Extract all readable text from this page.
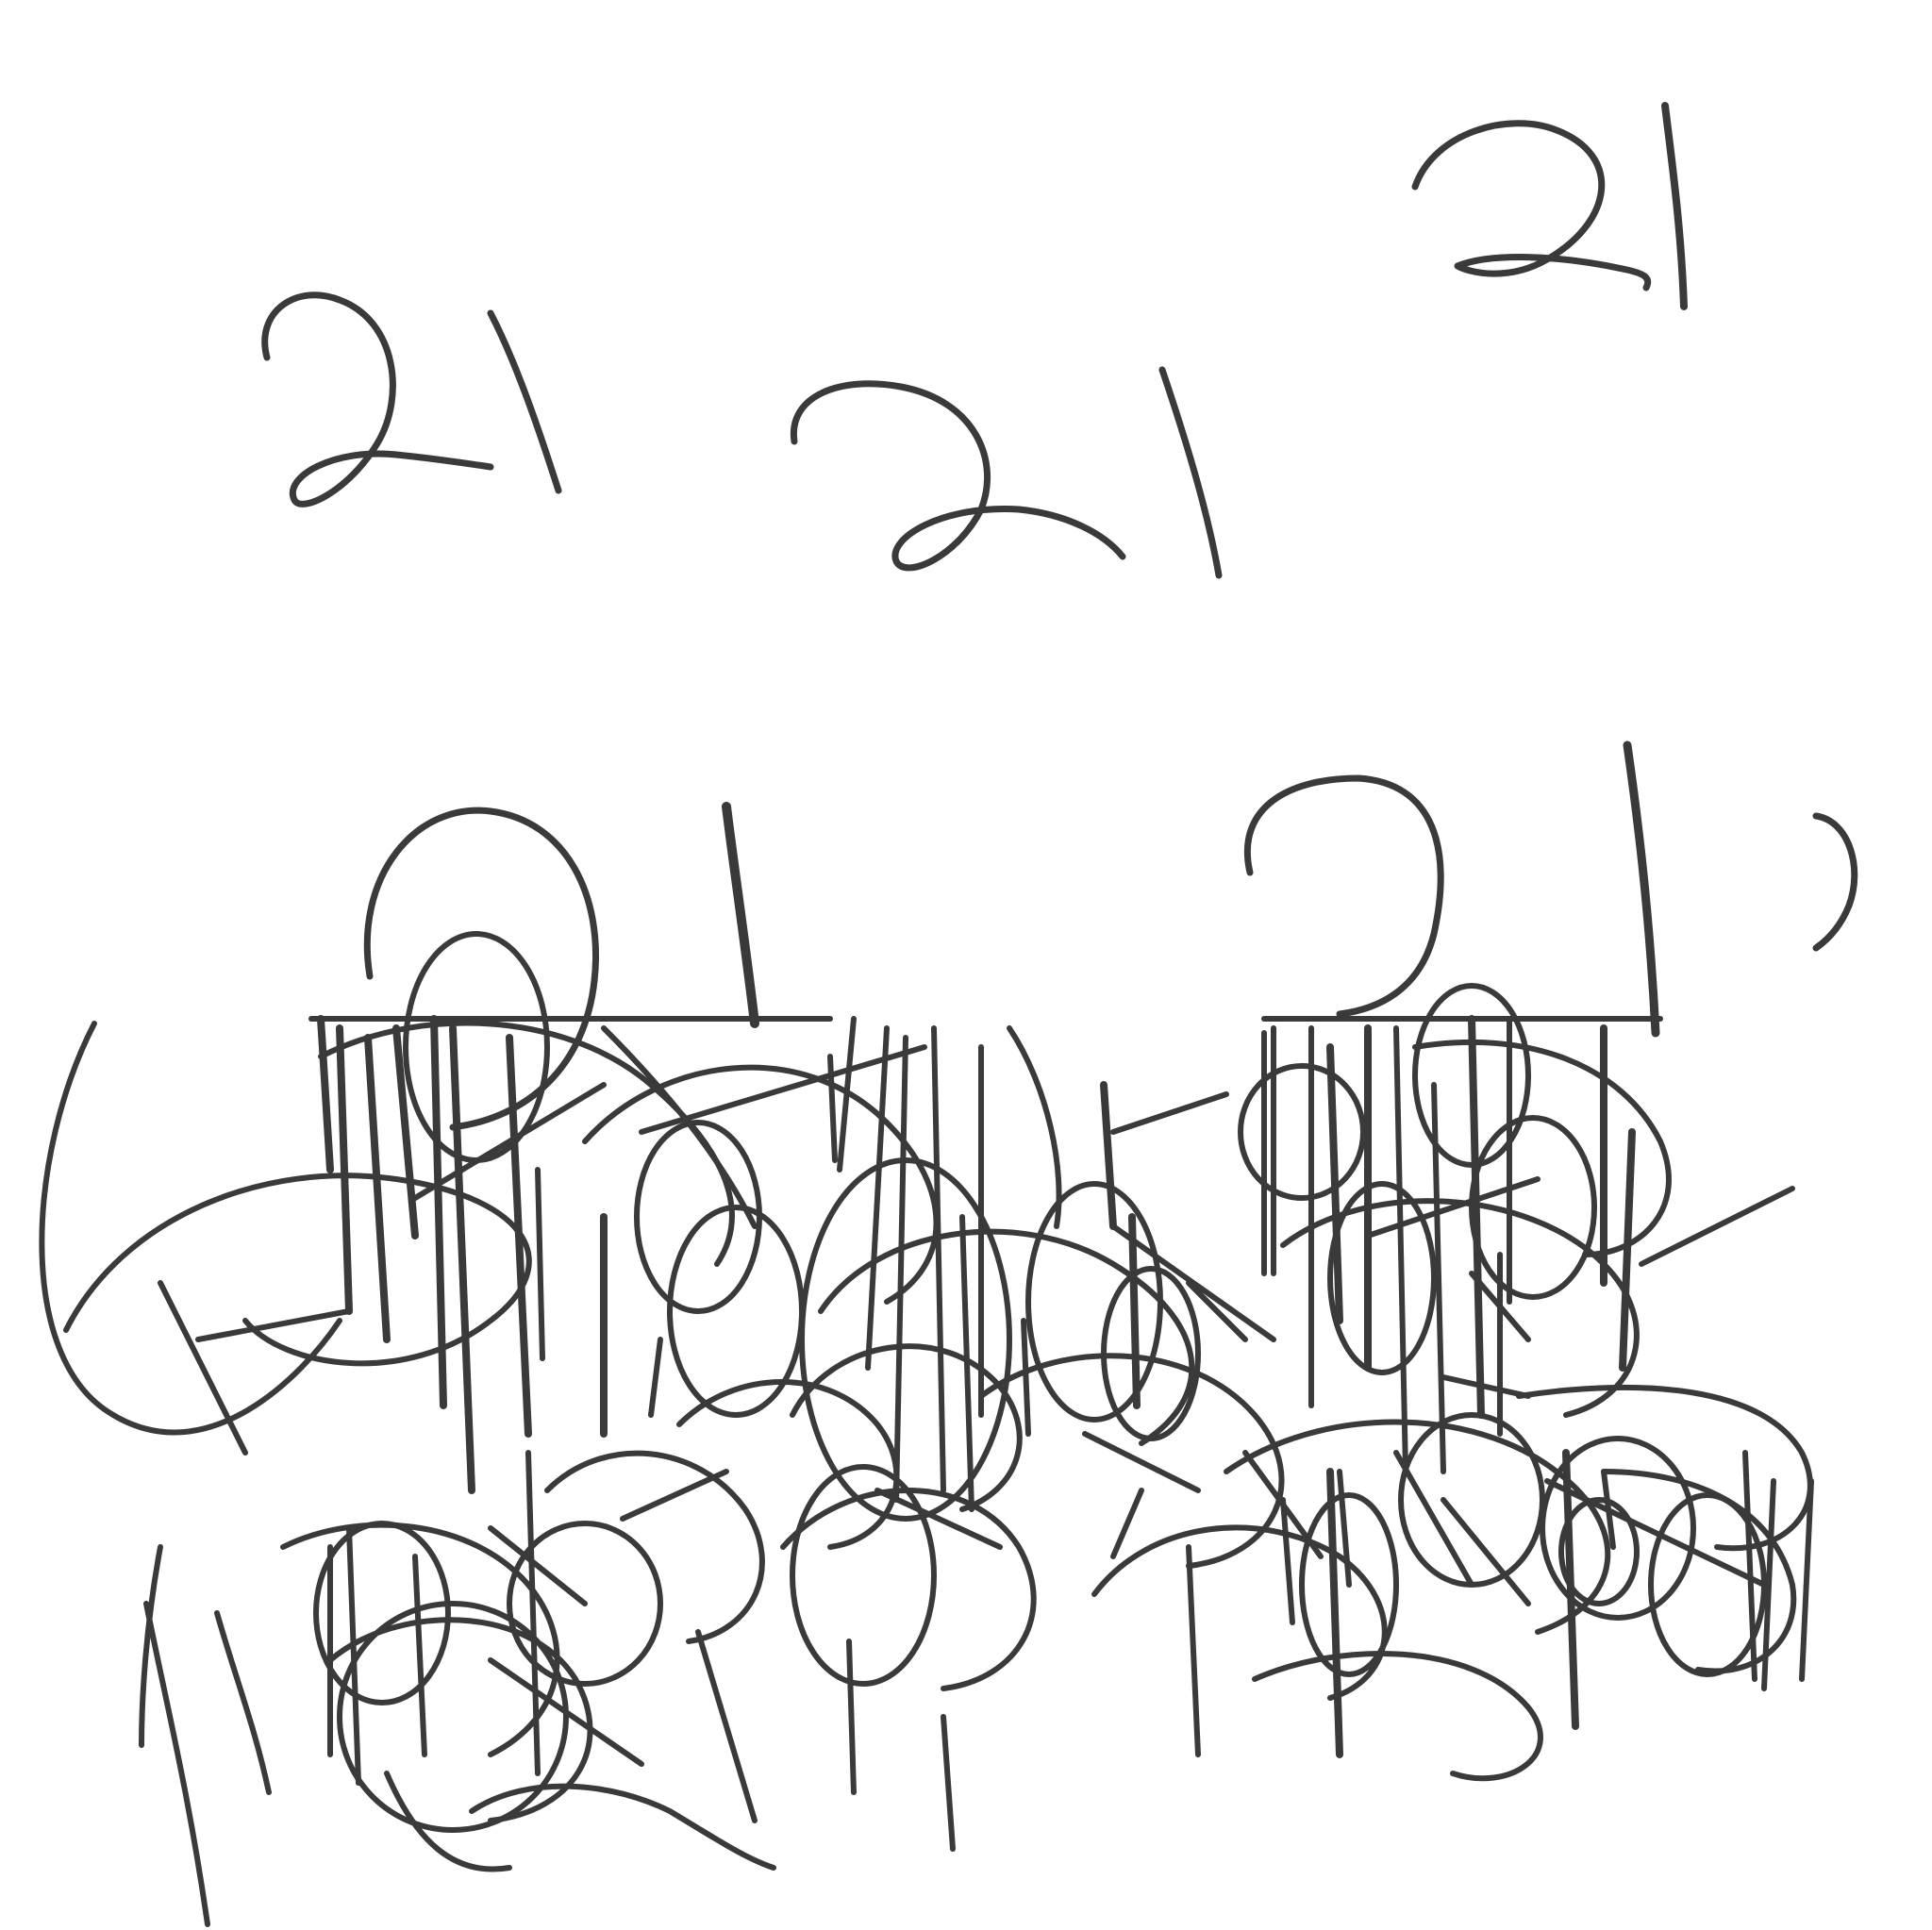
21
21
21
21
21
